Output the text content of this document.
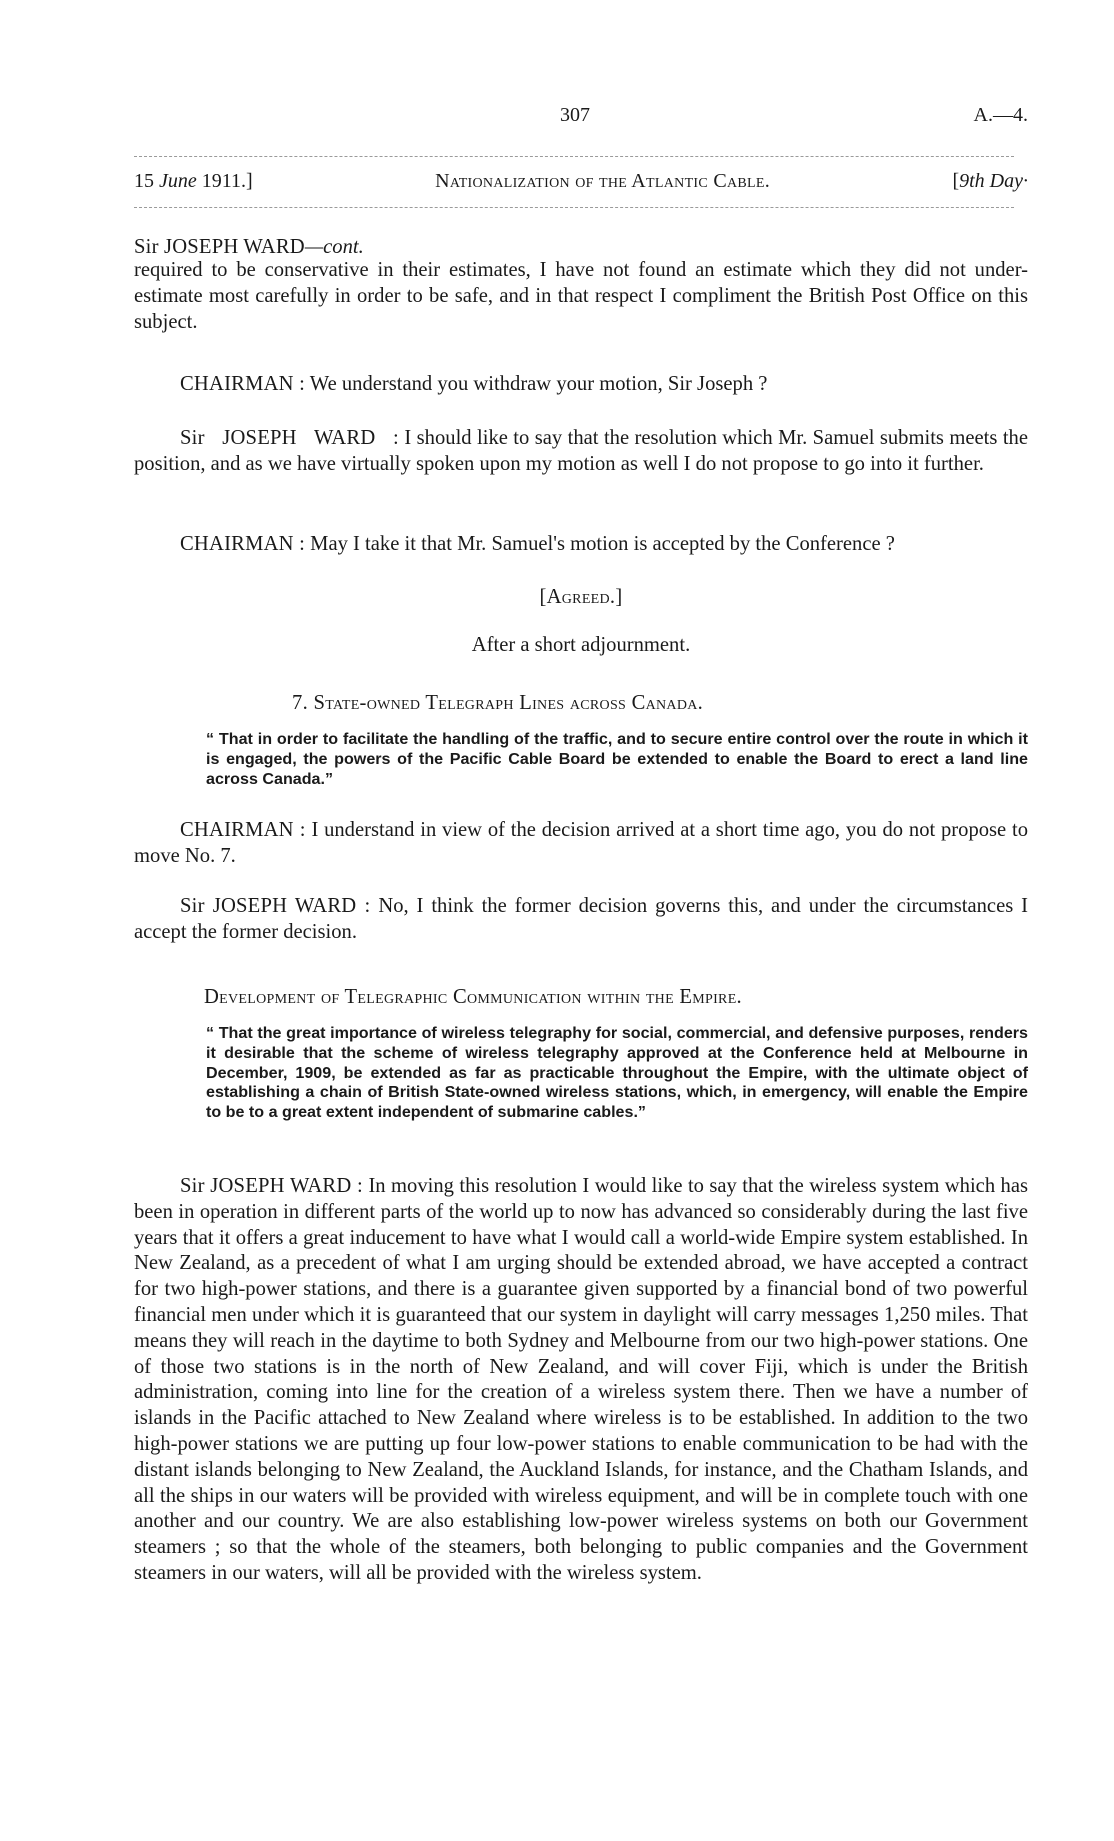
307	A.—4.
15 June 1911.]	Nationalization of the Atlantic Cable.	[9th Day·
Sir JOSEPH WARD—cont.

required to be conservative in their estimates, I have not found an estimate which they did not under-estimate most carefully in order to be safe, and in that respect I compliment the British Post Office on this subject.

CHAIRMAN : We understand you withdraw your motion, Sir Joseph ?

Sir JOSEPH WARD : I should like to say that the resolution which Mr. Samuel submits meets the position, and as we have virtually spoken upon my motion as well I do not propose to go into it further.

CHAIRMAN : May I take it that Mr. Samuel's motion is accepted by the Conference ?

[Agreed.]
After a short adjournment.
7. State-owned Telegraph Lines across Canada.

“ That in order to facilitate the handling of the traffic, and to secure entire control over the route in which it is engaged, the powers of the Pacific Cable Board be extended to enable the Board to erect a land line across Canada.”

CHAIRMAN : I understand in view of the decision arrived at a short time ago, you do not propose to move No. 7.

Sir JOSEPH WARD : No, I think the former decision governs this, and under the circumstances I accept the former decision.

Development of Telegraphic Communication within the Empire.

“ That the great importance of wireless telegraphy for social, commercial, and defensive purposes, renders it desirable that the scheme of wireless telegraphy approved at the Conference held at Melbourne in December, 1909, be extended as far as practicable throughout the Empire, with the ultimate object of establishing a chain of British State-owned wireless stations, which, in emergency, will enable the Empire to be to a great extent independent of submarine cables.”

Sir JOSEPH WARD : In moving this resolution I would like to say that the wireless system which has been in operation in different parts of the world up to now has advanced so considerably during the last five years that it offers a great inducement to have what I would call a world-wide Empire system established. In New Zealand, as a precedent of what I am urging should be extended abroad, we have accepted a contract for two high-power stations, and there is a guarantee given supported by a financial bond of two powerful financial men under which it is guaranteed that our system in daylight will carry messages 1,250 miles. That means they will reach in the daytime to both Sydney and Melbourne from our two high-power stations. One of those two stations is in the north of New Zealand, and will cover Fiji, which is under the British administration, coming into line for the creation of a wireless system there. Then we have a number of islands in the Pacific attached to New Zealand where wireless is to be established. In addition to the two high-power stations we are putting up four low-power stations to enable communication to be had with the distant islands belonging to New Zealand, the Auckland Islands, for instance, and the Chatham Islands, and all the ships in our waters will be provided with wireless equipment, and will be in complete touch with one another and our country. We are also establishing low-power wireless systems on both our Government steamers ; so that the whole of the steamers, both belonging to public companies and the Government steamers in our waters, will all be provided with the wireless system.
